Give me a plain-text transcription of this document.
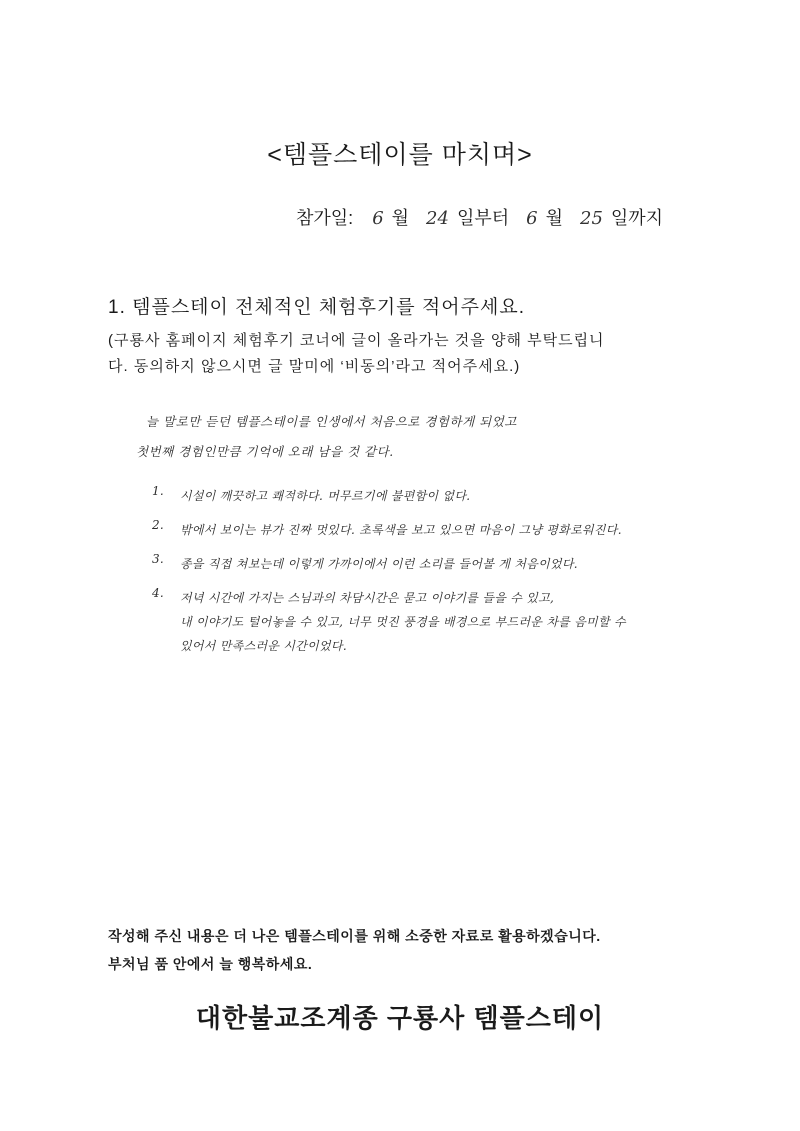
<템플스테이를 마치며>
참가일: 6 월 24 일부터 6 월 25 일까지
1. 템플스테이 전체적인 체험후기를 적어주세요.
(구룡사 홈페이지 체험후기 코너에 글이 올라가는 것을 양해 부탁드립니
다. 동의하지 않으시면 글 말미에 ‘비동의’라고 적어주세요.)
늘 말로만 듣던 템플스테이를 인생에서 처음으로 경험하게 되었고
첫번째 경험인만큼 기억에 오래 남을 것 같다.
1.	시설이 깨끗하고 쾌적하다. 머무르기에 불편함이 없다.
2.	밖에서 보이는 뷰가 진짜 멋있다. 초록색을 보고 있으면 마음이 그냥 평화로워진다.
3.	종을 직접 쳐보는데 이렇게 가까이에서 이런 소리를 들어볼 게 처음이었다.
4.	저녁 시간에 가지는 스님과의 차담시간은 묻고 이야기를 들을 수 있고,
내 이야기도 털어놓을 수 있고, 너무 멋진 풍경을 배경으로 부드러운 차를 음미할 수
있어서 만족스러운 시간이었다.
작성해 주신 내용은 더 나은 템플스테이를 위해 소중한 자료로 활용하겠습니다.
부처님 품 안에서 늘 행복하세요.
대한불교조계종 구룡사 템플스테이
